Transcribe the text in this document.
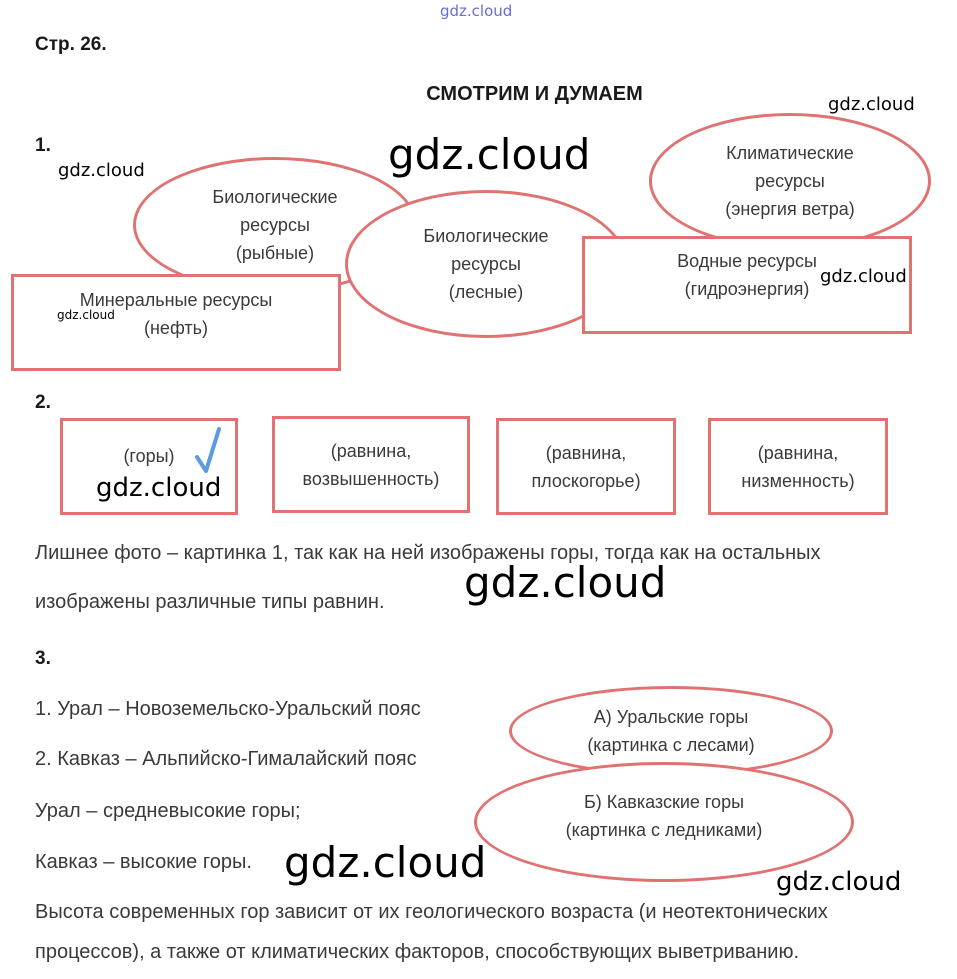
gdz.cloud
Стр. 26.
СМОТРИМ И ДУМАЕМ	gdz.cloud
1.	gdz.cloud
gdz.cloud
Биологические
ресурсы
(рыбные)
Климатические
ресурсы
(энергия ветра)
Биологические
ресурсы
(лесные)
Минеральные ресурсы
(нефть)
gdz.cloud
Водные ресурсы
(гидроэнергия)
gdz.cloud
2.
(горы)
gdz.cloud
(равнина,
возвышенность)
(равнина,
плоскогорье)
(равнина,
низменность)
Лишнее фото – картинка 1, так как на ней изображены горы, тогда как на остальных
изображены различные типы равнин. gdz.cloud
3.
1. Урал – Новоземельско-Уральский пояс
2. Кавказ – Альпийско-Гималайский пояс
Урал – средневысокие горы;
Кавказ – высокие горы.
А) Уральские горы
(картинка с лесами)
Б) Кавказские горы
(картинка с ледниками)
gdz.cloud	gdz.cloud
Высота современных гор зависит от их геологического возраста (и неотектонических
процессов), а также от климатических факторов, способствующих выветриванию.
